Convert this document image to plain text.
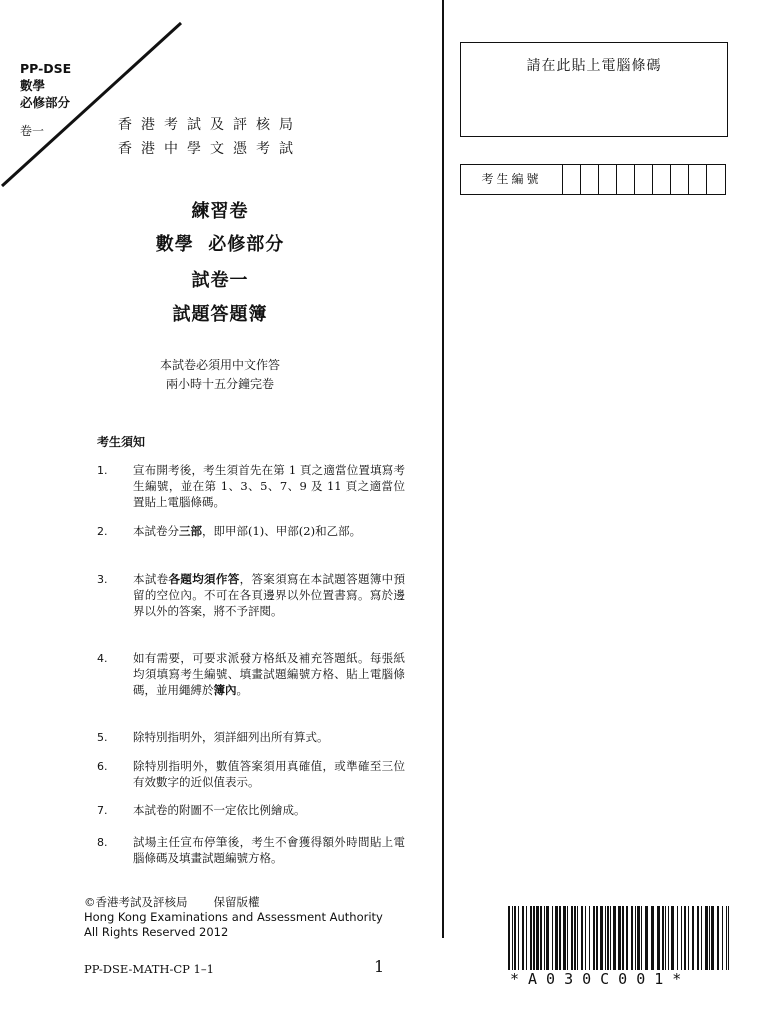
PP-DSE
數學
必修部分
卷一	香港考試及評核局
香港中學文憑考試
練習卷
數學  必修部分
試卷一
試題答題簿
本試卷必須用中文作答
兩小時十五分鐘完卷
考生須知
1. 宣布開考後，考生須首先在第 1 頁之適當位置填寫考生編號，並在第 1、3、5、7、9 及 11 頁之適當位置貼上電腦條碼。
2. 本試卷分三部，即甲部(1)、甲部(2)和乙部。
3. 本試卷各題均須作答，答案須寫在本試題答題簿中預留的空位內。不可在各頁邊界以外位置書寫。寫於邊界以外的答案，將不予評閱。
4. 如有需要，可要求派發方格紙及補充答題紙。每張紙均須填寫考生編號、填畫試題編號方格、貼上電腦條碼，並用繩縛於簿內。
5. 除特別指明外，須詳細列出所有算式。
6. 除特別指明外，數值答案須用真確值，或準確至三位有效數字的近似值表示。
7. 本試卷的附圖不一定依比例繪成。
8. 試場主任宣布停筆後，考生不會獲得額外時間貼上電腦條碼及填畫試題編號方格。
請在此貼上電腦條碼
考生編號
©香港考試及評核局 保留版權
Hong Kong Examinations and Assessment Authority
All Rights Reserved 2012
PP-DSE-MATH-CP 1–1	1
*A030C001*
